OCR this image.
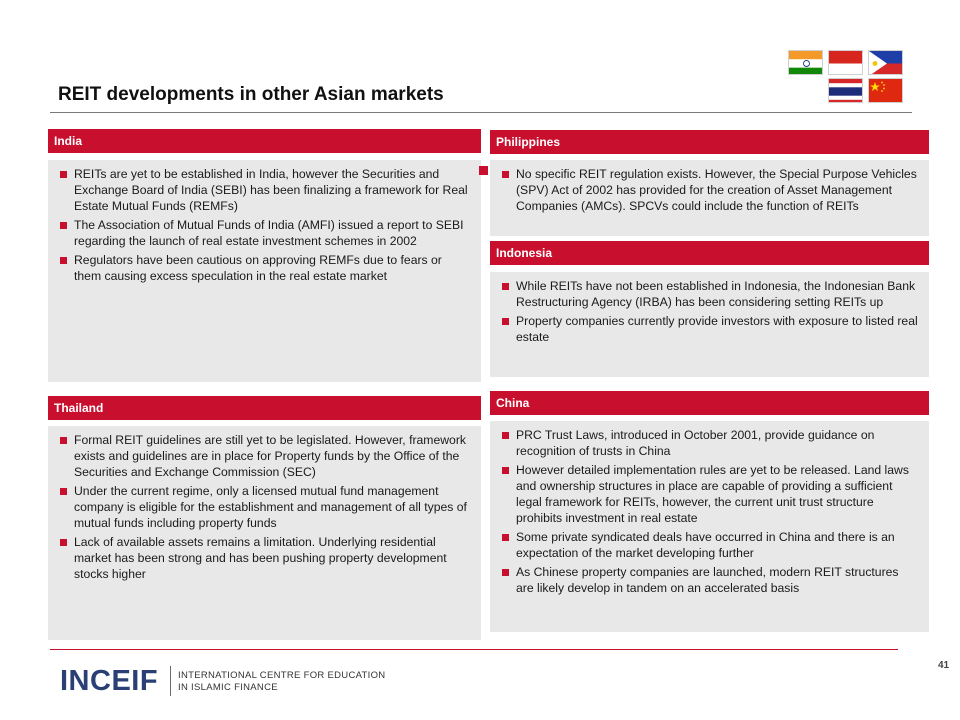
REIT developments in other Asian markets
India
REITs are yet to be established in India, however the Securities and Exchange Board of India (SEBI) has been finalizing a framework for Real Estate Mutual Funds (REMFs)
The Association of Mutual Funds of India (AMFI) issued a report to SEBI regarding the launch of real estate investment schemes in 2002
Regulators have been cautious on approving REMFs due to fears or them causing excess speculation in the real estate market
Philippines
No specific REIT regulation exists. However, the Special Purpose Vehicles (SPV) Act of 2002 has provided for the creation of Asset Management Companies (AMCs). SPCVs could include the function of REITs
Indonesia
While REITs have not been established in Indonesia, the Indonesian Bank Restructuring Agency (IRBA) has been considering setting REITs up
Property companies currently provide investors with exposure to listed real estate
Thailand
Formal REIT guidelines are still yet to be legislated. However, framework exists and guidelines are in place for Property funds by the Office of the Securities and Exchange Commission (SEC)
Under the current regime, only a licensed mutual fund management company is eligible for the establishment and management of all types of mutual funds including property funds
Lack of available assets remains a limitation. Underlying residential market has been strong and has been pushing property development stocks higher
China
PRC Trust Laws, introduced in October 2001, provide guidance on recognition of trusts in China
However detailed implementation rules are yet to be released. Land laws and ownership structures in place are capable of providing a sufficient legal framework for REITs, however, the current unit trust structure prohibits investment in real estate
Some private syndicated deals have occurred in China and there is an expectation of the market developing further
As Chinese property companies are launched, modern REIT structures are likely develop in tandem on an accelerated basis
41
INCEIF INTERNATIONAL CENTRE FOR EDUCATION
IN ISLAMIC FINANCE
